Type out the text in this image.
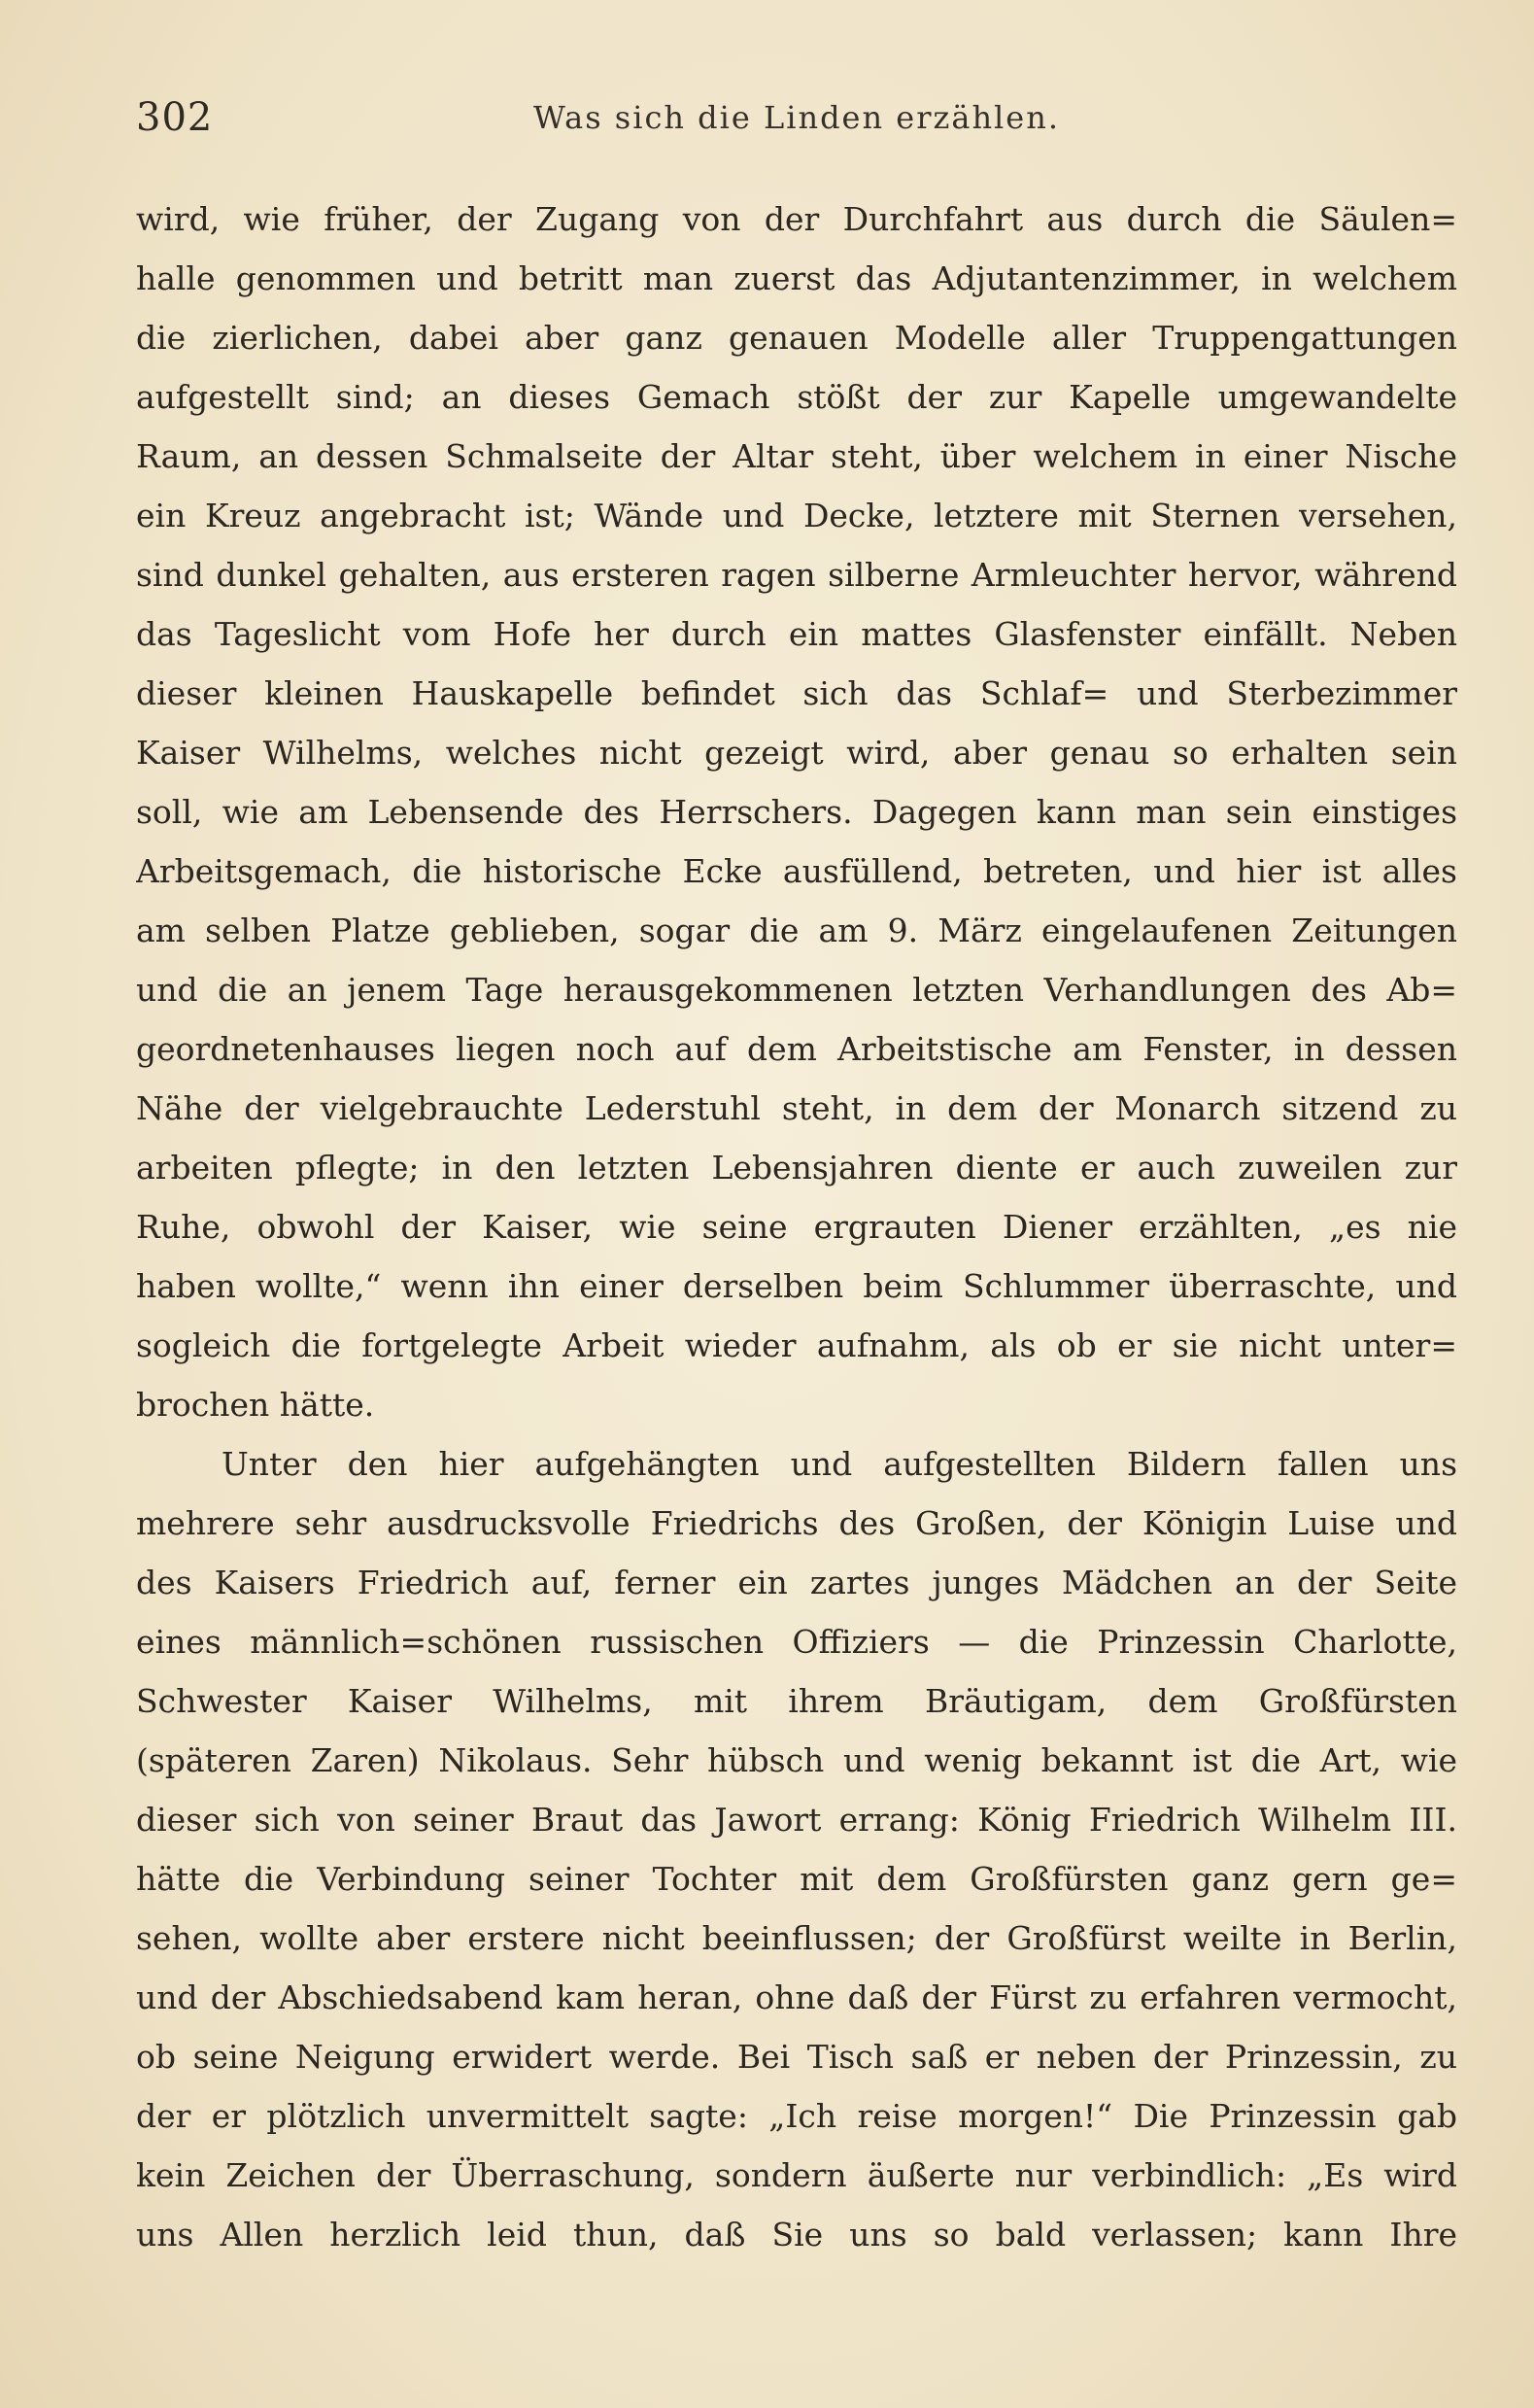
302	Was sich die Linden erzählen.
wird, wie früher, der Zugang von der Durchfahrt aus durch die Säulen=
halle genommen und betritt man zuerst das Adjutantenzimmer, in welchem
die zierlichen, dabei aber ganz genauen Modelle aller Truppengattungen
aufgestellt sind; an dieses Gemach stößt der zur Kapelle umgewandelte
Raum, an dessen Schmalseite der Altar steht, über welchem in einer Nische
ein Kreuz angebracht ist; Wände und Decke, letztere mit Sternen versehen,
sind dunkel gehalten, aus ersteren ragen silberne Armleuchter hervor, während
das Tageslicht vom Hofe her durch ein mattes Glasfenster einfällt. Neben
dieser kleinen Hauskapelle befindet sich das Schlaf= und Sterbezimmer
Kaiser Wilhelms, welches nicht gezeigt wird, aber genau so erhalten sein
soll, wie am Lebensende des Herrschers. Dagegen kann man sein einstiges
Arbeitsgemach, die historische Ecke ausfüllend, betreten, und hier ist alles
am selben Platze geblieben, sogar die am 9. März eingelaufenen Zeitungen
und die an jenem Tage herausgekommenen letzten Verhandlungen des Ab=
geordnetenhauses liegen noch auf dem Arbeitstische am Fenster, in dessen
Nähe der vielgebrauchte Lederstuhl steht, in dem der Monarch sitzend zu
arbeiten pflegte; in den letzten Lebensjahren diente er auch zuweilen zur
Ruhe, obwohl der Kaiser, wie seine ergrauten Diener erzählten, „es nie
haben wollte,“ wenn ihn einer derselben beim Schlummer überraschte, und
sogleich die fortgelegte Arbeit wieder aufnahm, als ob er sie nicht unter=
brochen hätte.
Unter den hier aufgehängten und aufgestellten Bildern fallen uns
mehrere sehr ausdrucksvolle Friedrichs des Großen, der Königin Luise und
des Kaisers Friedrich auf, ferner ein zartes junges Mädchen an der Seite
eines männlich=schönen russischen Offiziers — die Prinzessin Charlotte,
Schwester Kaiser Wilhelms, mit ihrem Bräutigam, dem Großfürsten
(späteren Zaren) Nikolaus. Sehr hübsch und wenig bekannt ist die Art, wie
dieser sich von seiner Braut das Jawort errang: König Friedrich Wilhelm III.
hätte die Verbindung seiner Tochter mit dem Großfürsten ganz gern ge=
sehen, wollte aber erstere nicht beeinflussen; der Großfürst weilte in Berlin,
und der Abschiedsabend kam heran, ohne daß der Fürst zu erfahren vermocht,
ob seine Neigung erwidert werde. Bei Tisch saß er neben der Prinzessin, zu
der er plötzlich unvermittelt sagte: „Ich reise morgen!“ Die Prinzessin gab
kein Zeichen der Überraschung, sondern äußerte nur verbindlich: „Es wird
uns Allen herzlich leid thun, daß Sie uns so bald verlassen; kann Ihre
